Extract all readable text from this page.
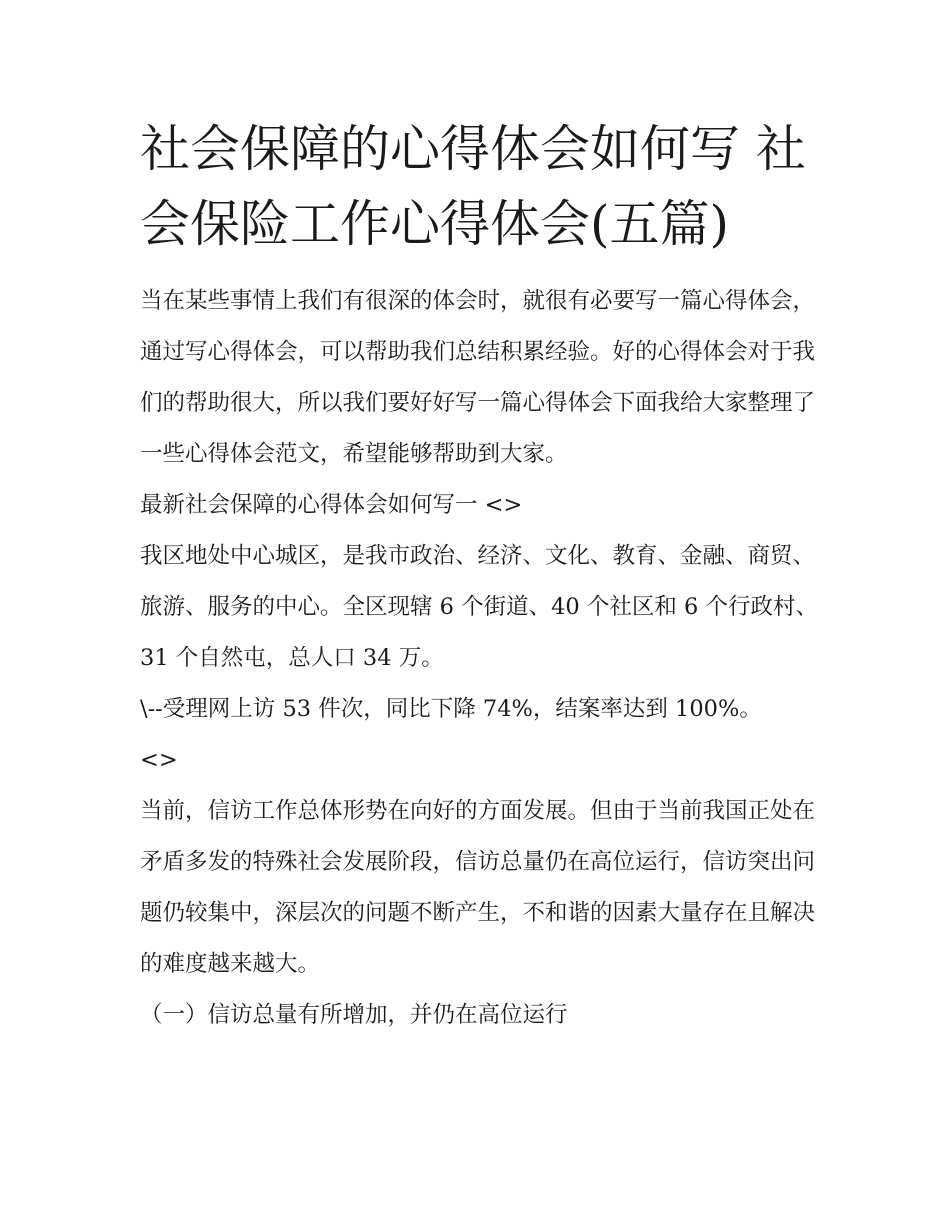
社会保障的心得体会如何写 社
会保险工作心得体会(五篇)

当在某些事情上我们有很深的体会时，就很有必要写一篇心得体会，通过写心得体会，可以帮助我们总结积累经验。好的心得体会对于我们的帮助很大，所以我们要好好写一篇心得体会下面我给大家整理了一些心得体会范文，希望能够帮助到大家。

最新社会保障的心得体会如何写一 <>

我区地处中心城区，是我市政治、经济、文化、教育、金融、商贸、旅游、服务的中心。全区现辖 6 个街道、40 个社区和 6 个行政村、31 个自然屯，总人口 34 万。

\--受理网上访 53 件次，同比下降 74%，结案率达到 100%。

<>

当前，信访工作总体形势在向好的方面发展。但由于当前我国正处在矛盾多发的特殊社会发展阶段，信访总量仍在高位运行，信访突出问题仍较集中，深层次的问题不断产生，不和谐的因素大量存在且解决的难度越来越大。

（一）信访总量有所增加，并仍在高位运行
